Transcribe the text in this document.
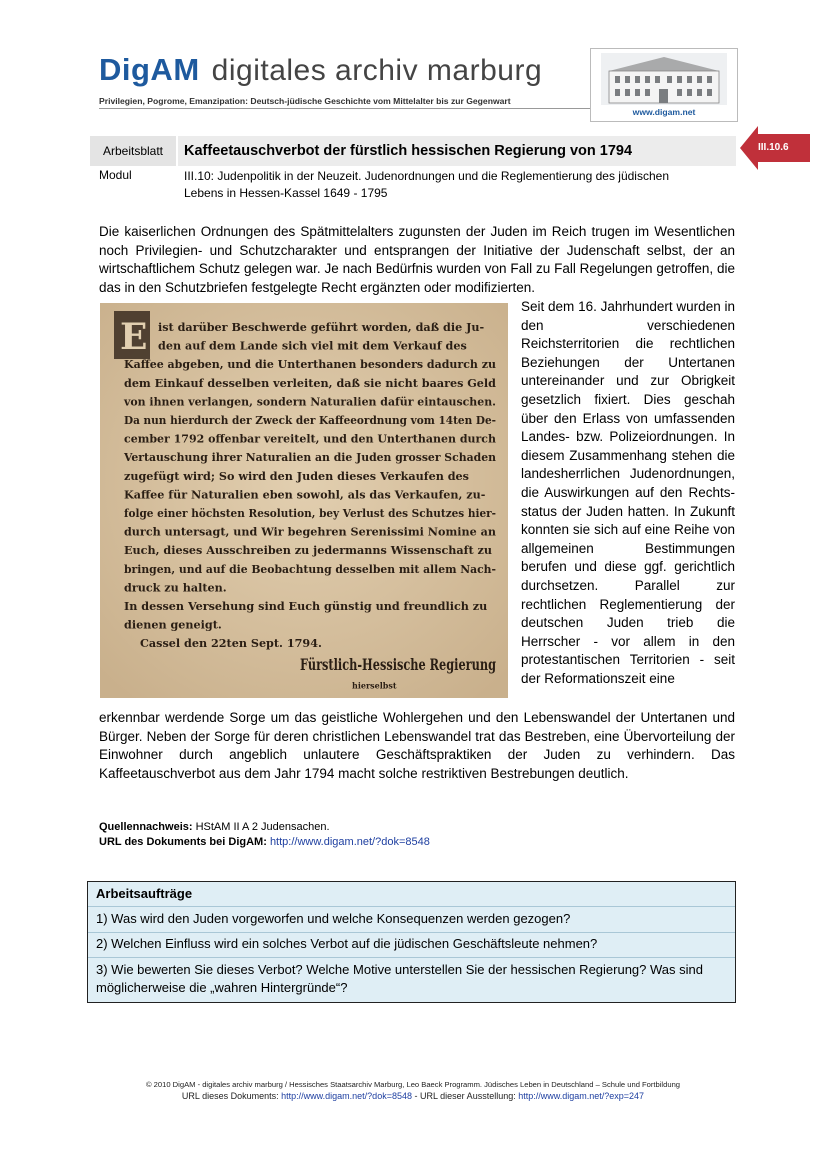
DigAM digitales archiv marburg
Privilegien, Pogrome, Emanzipation: Deutsch-jüdische Geschichte vom Mittelalter bis zur Gegenwart
www.digam.net
III.10.6
Arbeitsblatt	Kaffeetauschverbot der fürstlich hessischen Regierung von 1794
Modul	III.10: Judenpolitik in der Neuzeit. Judenordnungen und die Reglementierung des jüdischen
Lebens in Hessen-Kassel 1649 - 1795
Die kaiserlichen Ordnungen des Spätmittelalters zugunsten der Juden im Reich trugen im Wesentlichen noch Privilegien- und Schutzcharakter und entsprangen der Initiative der Judenschaft selbst, der an wirtschaftlichem Schutz gelegen war. Je nach Bedürfnis wurden von Fall zu Fall Regelungen getroffen, die das in den Schutzbriefen festgelegte Recht ergänzten oder modifizierten.
E ist darüber Beschwerde geführt worden, daß die Ju-
den auf dem Lande sich viel mit dem Verkauf des
Kaffee abgeben, und die Unterthanen besonders dadurch zu
dem Einkauf desselben verleiten, daß sie nicht baares Geld
von ihnen verlangen, sondern Naturalien dafür eintauschen.
Da nun hierdurch der Zweck der Kaffeeordnung vom 14ten De-
cember 1792 offenbar vereitelt, und den Unterthanen durch
Vertauschung ihrer Naturalien an die Juden grosser Schaden
zugefügt wird; So wird den Juden dieses Verkaufen des
Kaffee für Naturalien eben sowohl, als das Verkaufen, zu-
folge einer höchsten Resolution, bey Verlust des Schutzes hier-
durch untersagt, und Wir begehren Serenissimi Nomine an
Euch, dieses Ausschreiben zu jedermanns Wissenschaft zu
bringen, und auf die Beobachtung desselben mit allem Nach-
druck zu halten.
In dessen Versehung sind Euch günstig und freundlich zu
dienen geneigt.
Cassel den 22ten Sept. 1794.
Fürstlich-Hessische Regierung
hierselbst
Seit dem 16. Jahrhundert wurden in den verschiedenen Reichsterritorien die rechtlichen Beziehungen der Untertanen untereinander und zur Obrigkeit gesetzlich fixiert. Dies geschah über den Erlass von umfassenden Landes- bzw. Polizeiordnungen. In diesem Zusammenhang stehen die landesherrlichen Judenordnungen, die Auswirkungen auf den Rechtsstatus der Juden hatten. In Zukunft konnten sie sich auf eine Reihe von allgemeinen Bestimmungen berufen und diese ggf. gerichtlich durchsetzen. Parallel zur rechtlichen Reglementierung der deutschen Juden trieb die Herrscher - vor allem in den protestantischen Territorien - seit der Reformationszeit eine
erkennbar werdende Sorge um das geistliche Wohlergehen und den Lebenswandel der Untertanen und Bürger. Neben der Sorge für deren christlichen Lebenswandel trat das Bestreben, eine Übervorteilung der Einwohner durch angeblich unlautere Geschäftspraktiken der Juden zu verhindern. Das Kaffeetauschverbot aus dem Jahr 1794 macht solche restriktiven Bestrebungen deutlich.
Quellennachweis: HStAM II A 2 Judensachen.
URL des Dokuments bei DigAM: http://www.digam.net/?dok=8548
Arbeitsaufträge
1) Was wird den Juden vorgeworfen und welche Konsequenzen werden gezogen?
2) Welchen Einfluss wird ein solches Verbot auf die jüdischen Geschäftsleute nehmen?
3) Wie bewerten Sie dieses Verbot? Welche Motive unterstellen Sie der hessischen Regierung? Was sind möglicherweise die „wahren Hintergründe“?
© 2010 DigAM - digitales archiv marburg / Hessisches Staatsarchiv Marburg, Leo Baeck Programm. Jüdisches Leben in Deutschland – Schule und Fortbildung
URL dieses Dokuments: http://www.digam.net/?dok=8548 - URL dieser Ausstellung: http://www.digam.net/?exp=247
